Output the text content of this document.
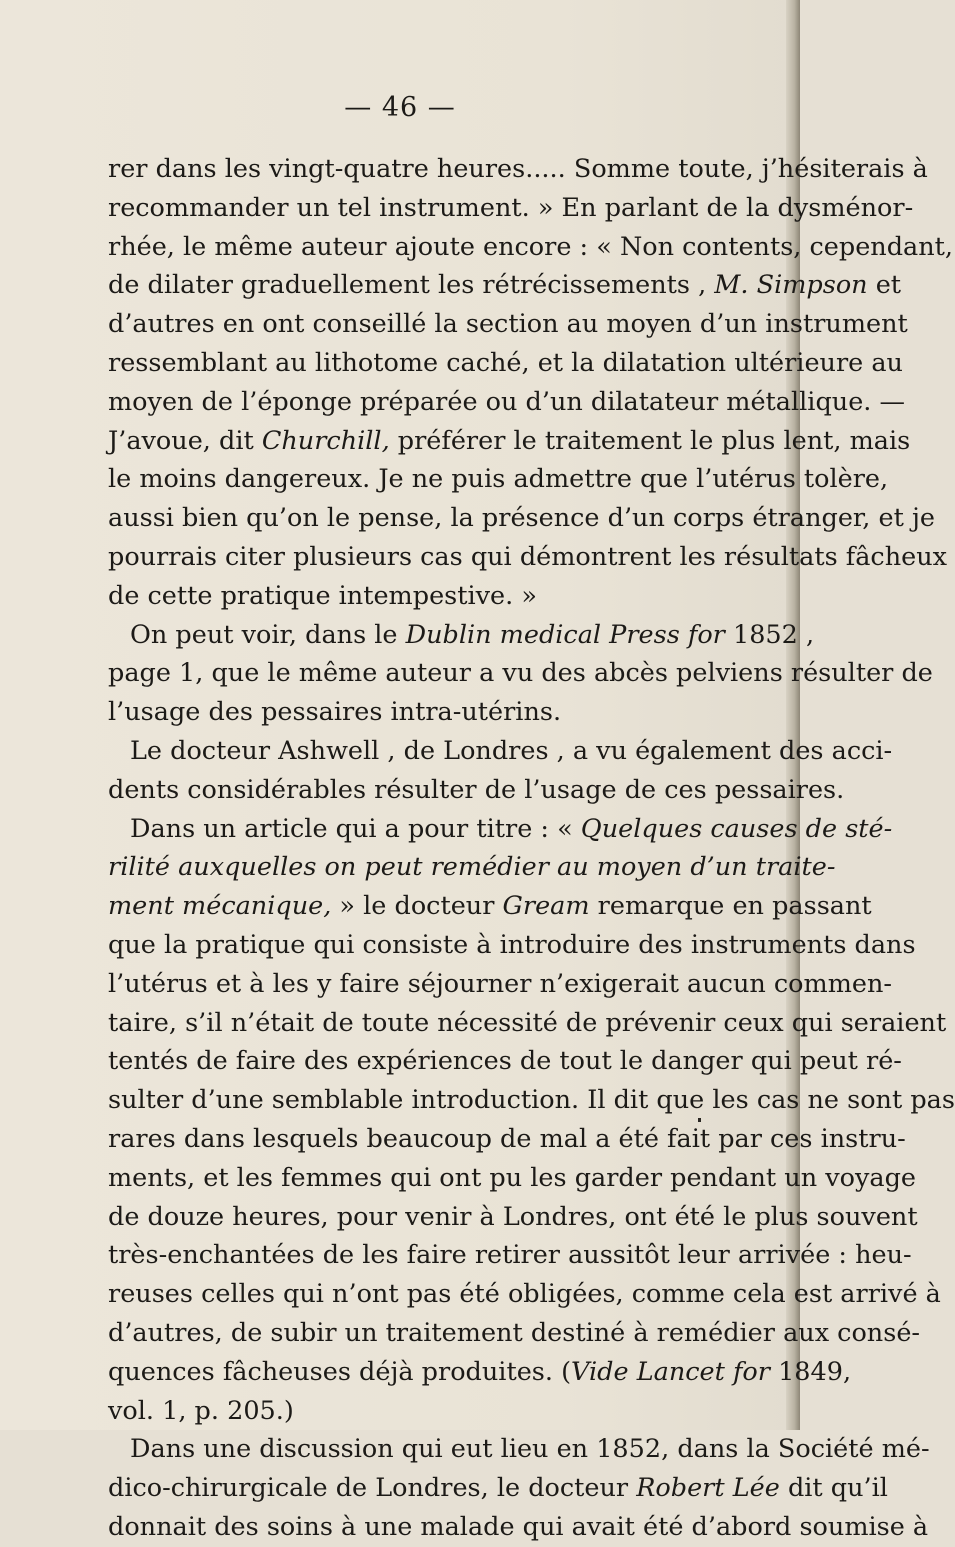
— 46 —
rer dans les vingt-quatre heures..... Somme toute, j’hésiterais à
recommander un tel instrument. » En parlant de la dysménor-
rhée, le même auteur ajoute encore : « Non contents, cependant,
de dilater graduellement les rétrécissements , M. Simpson et
d’autres en ont conseillé la section au moyen d’un instrument
ressemblant au lithotome caché, et la dilatation ultérieure au
moyen de l’éponge préparée ou d’un dilatateur métallique. —
J’avoue, dit Churchill, préférer le traitement le plus lent, mais
le moins dangereux. Je ne puis admettre que l’utérus tolère,
aussi bien qu’on le pense, la présence d’un corps étranger, et je
pourrais citer plusieurs cas qui démontrent les résultats fâcheux
de cette pratique intempestive. »
On peut voir, dans le Dublin medical Press for 1852 ,
page 1, que le même auteur a vu des abcès pelviens résulter de
l’usage des pessaires intra-utérins.
Le docteur Ashwell , de Londres , a vu également des acci-
dents considérables résulter de l’usage de ces pessaires.
Dans un article qui a pour titre : « Quelques causes de sté-
rilité auxquelles on peut remédier au moyen d’un traite-
ment mécanique, » le docteur Gream remarque en passant
que la pratique qui consiste à introduire des instruments dans
l’utérus et à les y faire séjourner n’exigerait aucun commen-
taire, s’il n’était de toute nécessité de prévenir ceux qui seraient
tentés de faire des expériences de tout le danger qui peut ré-
sulter d’une semblable introduction. Il dit que les cas ne sont pas
rares dans lesquels beaucoup de mal a été fait par ces instru-
ments, et les femmes qui ont pu les garder pendant un voyage
de douze heures, pour venir à Londres, ont été le plus souvent
très-enchantées de les faire retirer aussitôt leur arrivée : heu-
reuses celles qui n’ont pas été obligées, comme cela est arrivé à
d’autres, de subir un traitement destiné à remédier aux consé-
quences fâcheuses déjà produites. (Vide Lancet for 1849,
vol. 1, p. 205.)
Dans une discussion qui eut lieu en 1852, dans la Société mé-
dico-chirurgicale de Londres, le docteur Robert Lée dit qu’il
donnait des soins à une malade qui avait été d’abord soumise à
